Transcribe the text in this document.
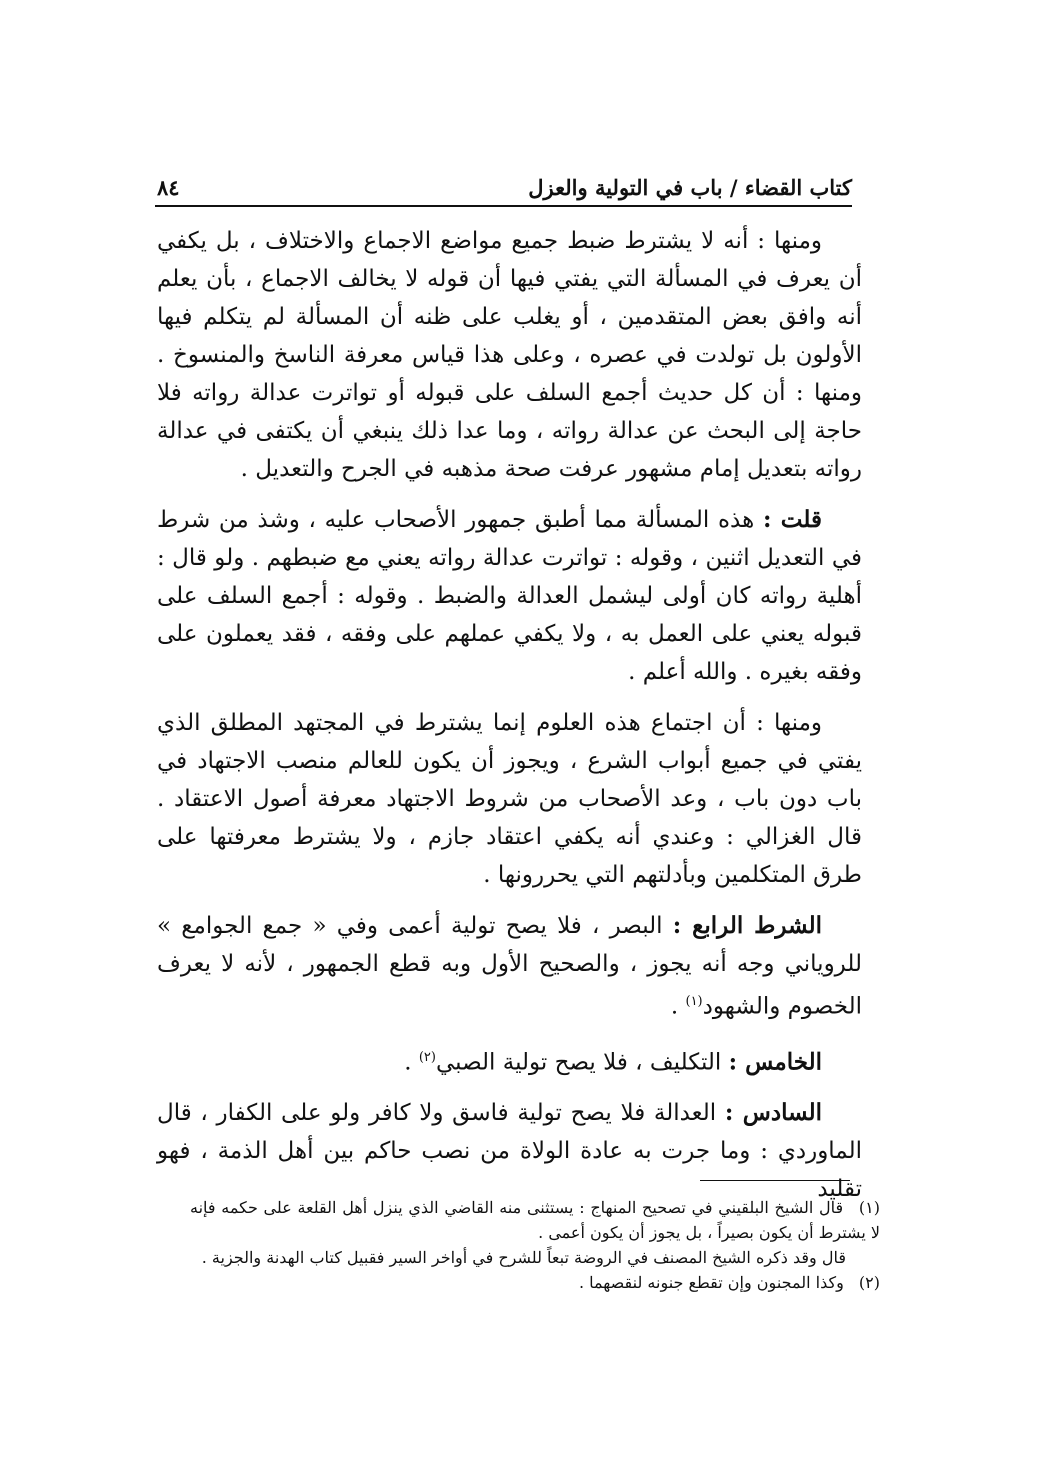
كتاب القضاء / باب في التولية والعزل
٨٤

ومنها : أنه لا يشترط ضبط جميع مواضع الاجماع والاختلاف ، بل يكفي أن يعرف في المسألة التي يفتي فيها أن قوله لا يخالف الاجماع ، بأن يعلم أنه وافق بعض المتقدمين ، أو يغلب على ظنه أن المسألة لم يتكلم فيها الأولون بل تولدت في عصره ، وعلى هذا قياس معرفة الناسخ والمنسوخ . ومنها : أن كل حديث أجمع السلف على قبوله أو تواترت عدالة رواته فلا حاجة إلى البحث عن عدالة رواته ، وما عدا ذلك ينبغي أن يكتفى في عدالة رواته بتعديل إمام مشهور عرفت صحة مذهبه في الجرح والتعديل .

قلت : هذه المسألة مما أطبق جمهور الأصحاب عليه ، وشذ من شرط في التعديل اثنين ، وقوله : تواترت عدالة رواته يعني مع ضبطهم . ولو قال : أهلية رواته كان أولى ليشمل العدالة والضبط . وقوله : أجمع السلف على قبوله يعني على العمل به ، ولا يكفي عملهم على وفقه ، فقد يعملون على وفقه بغيره . والله أعلم .

ومنها : أن اجتماع هذه العلوم إنما يشترط في المجتهد المطلق الذي يفتي في جميع أبواب الشرع ، ويجوز أن يكون للعالم منصب الاجتهاد في باب دون باب ، وعد الأصحاب من شروط الاجتهاد معرفة أصول الاعتقاد . قال الغزالي : وعندي أنه يكفي اعتقاد جازم ، ولا يشترط معرفتها على طرق المتكلمين وبأدلتهم التي يحررونها .

الشرط الرابع : البصر ، فلا يصح تولية أعمى وفي « جمع الجوامع » للروياني وجه أنه يجوز ، والصحيح الأول وبه قطع الجمهور ، لأنه لا يعرف الخصوم والشهود$^{(١)}$ .

الخامس : التكليف ، فلا يصح تولية الصبي$^{(٢)}$ .

السادس : العدالة فلا يصح تولية فاسق ولا كافر ولو على الكفار ، قال الماوردي : وما جرت به عادة الولاة من نصب حاكم بين أهل الذمة ، فهو تقليد

(١) قال الشيخ البلقيني في تصحيح المنهاج : يستثنى منه القاضي الذي ينزل أهل القلعة على حكمه فإنه لا يشترط أن يكون بصيراً ، بل يجوز أن يكون أعمى .

قال وقد ذكره الشيخ المصنف في الروضة تبعاً للشرح في أواخر السير فقبيل كتاب الهدنة والجزية .

(٢) وكذا المجنون وإن تقطع جنونه لنقصهما .
